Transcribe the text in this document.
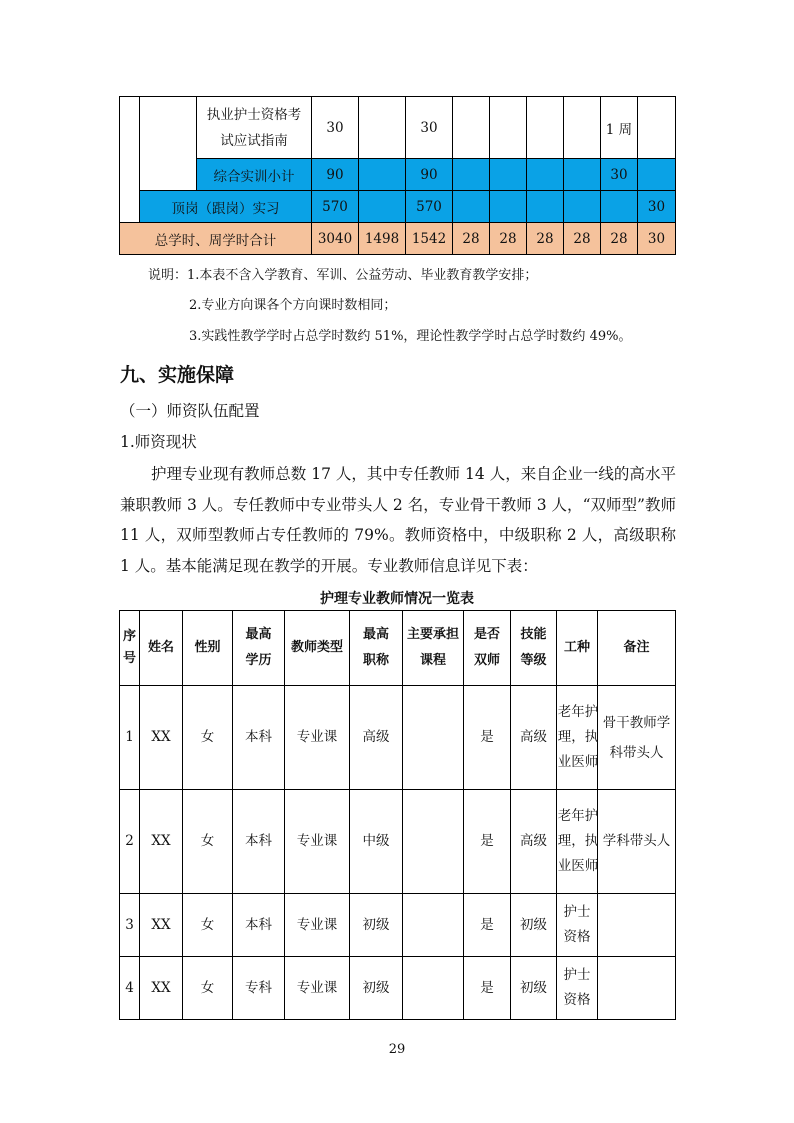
		执业护士资格考试应试指南	30		30					1 周	
		综合实训小计	90		90					30	
	顶岗（跟岗）实习		570		570						30
总学时、周学时合计			3040	1498	1542	28	28	28	28	28	30
说明：1.本表不含入学教育、军训、公益劳动、毕业教育教学安排；
2.专业方向课各个方向课时数相同；
3.实践性教学学时占总学时数约 51%，理论性教学学时占总学时数约 49%。
九、实施保障
（一）师资队伍配置
1.师资现状

护理专业现有教师总数 17 人，其中专任教师 14 人，来自企业一线的高水平兼职教师 3 人。专任教师中专业带头人 2 名，专业骨干教师 3 人，“双师型”教师 11 人，双师型教师占专任教师的 79%。教师资格中，中级职称 2 人，高级职称 1 人。基本能满足现在教学的开展。专业教师信息详见下表：

护理专业教师情况一览表
序号	姓名	性别	最高学历	教师类型	最高职称	主要承担课程	是否双师	技能等级	工种	备注
1	XX	女	本科	专业课	高级		是	高级	老年护理，执业医师	骨干教师学科带头人

2	XX	女	本科	专业课	中级		是	高级	老年护理，执业医师	学科带头人

3	XX	女	本科	专业课	初级		是	初级	护士资格	

4	XX	女	专科	专业课	初级		是	初级	护士资格	

29
